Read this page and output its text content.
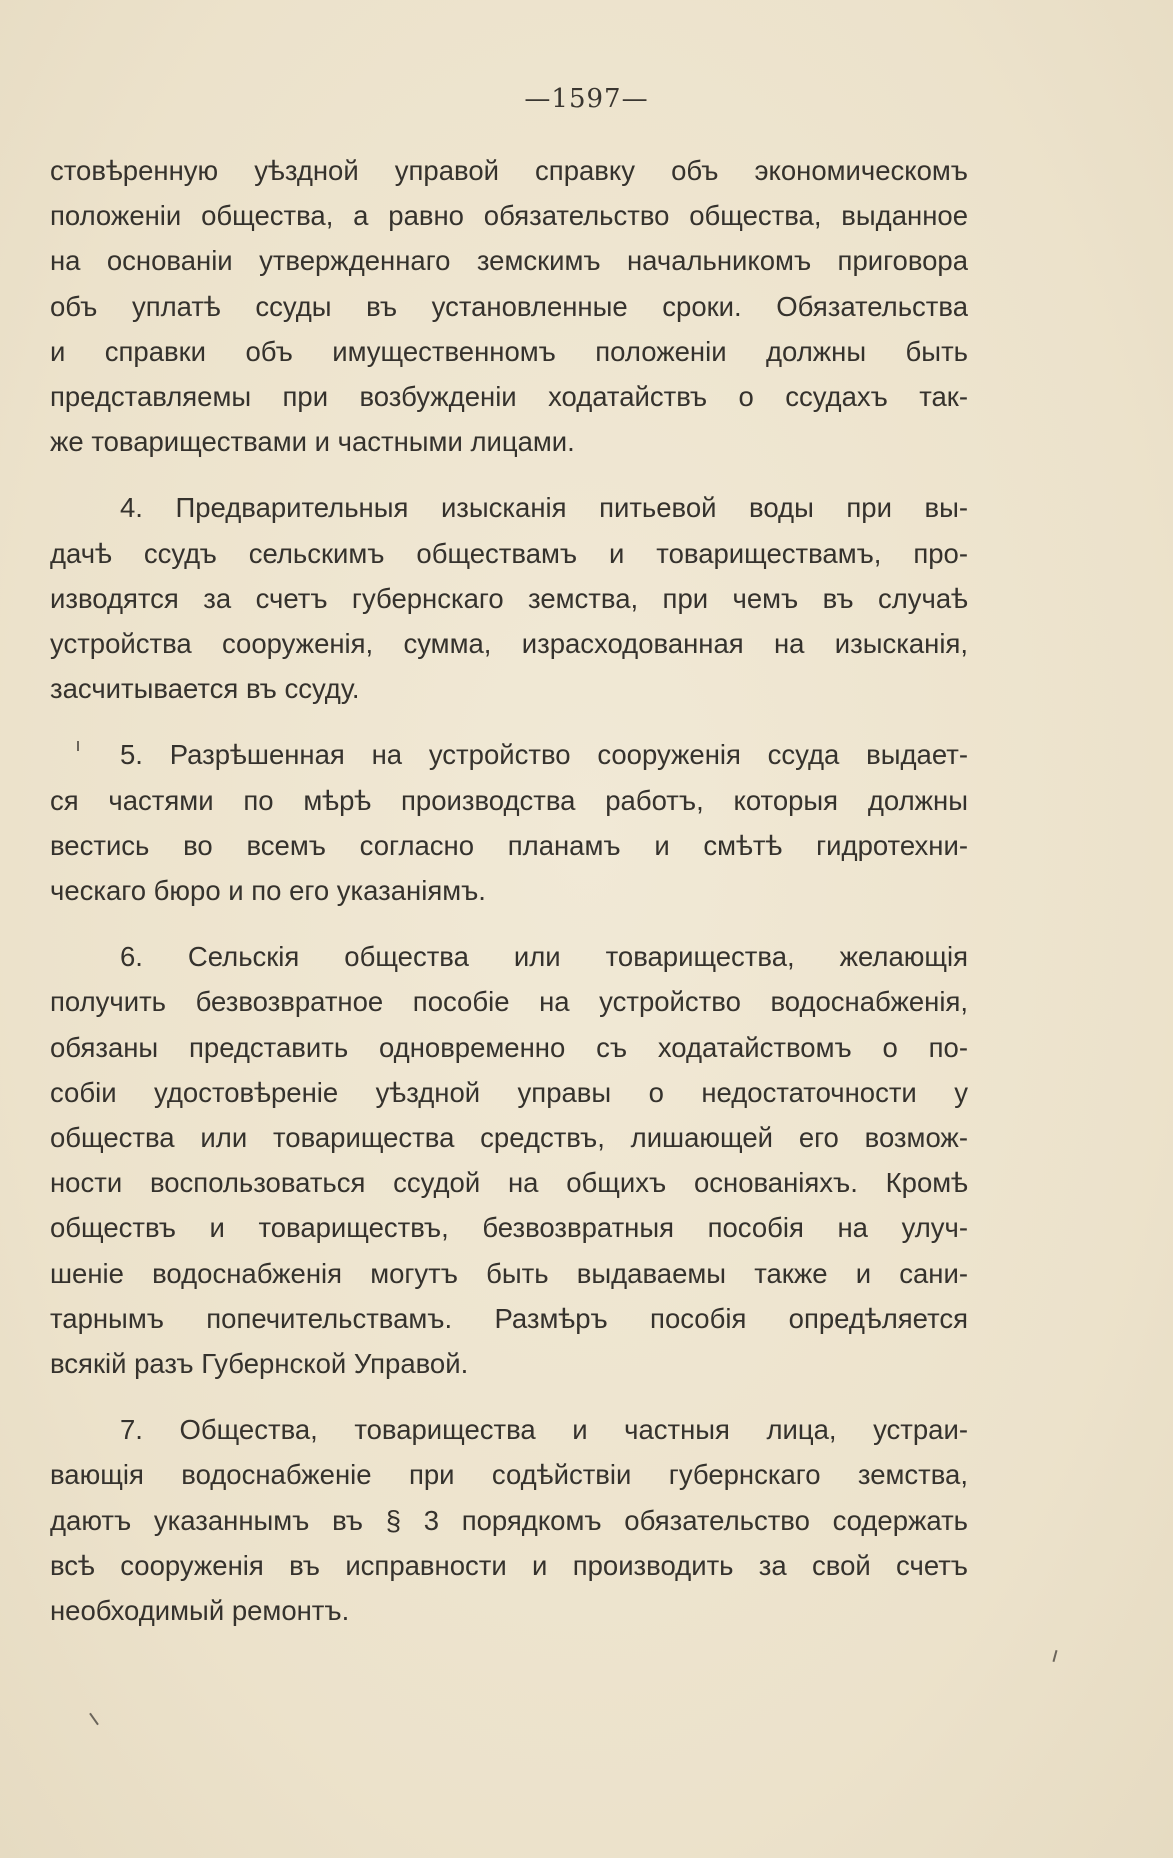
—1597—
стовѣренную уѣздной управой справку объ экономическомъ
положенiи общества, а равно обязательство общества, выданное
на основанiи утвержденнаго земскимъ начальникомъ приговора
объ уплатѣ ссуды въ установленные сроки. Обязательства
и справки объ имущественномъ положенiи должны быть
представляемы при возбужденiи ходатайствъ о ссудахъ так-
же товариществами и частными лицами.
4. Предварительныя изысканiя питьевой воды при вы-
дачѣ ссудъ сельскимъ обществамъ и товариществамъ, про-
изводятся за счетъ губернскаго земства, при чемъ въ случаѣ
устройства сооруженiя, сумма, израсходованная на изысканiя,
засчитывается въ ссуду.
5. Разрѣшенная на устройство сооруженiя ссуда выдает-
ся частями по мѣрѣ производства работъ, которыя должны
вестись во всемъ согласно планамъ и смѣтѣ гидротехни-
ческаго бюро и по его указанiямъ.
6. Сельскiя общества или товарищества, желающiя
получить безвозвратное пособiе на устройство водоснабженiя,
обязаны представить одновременно съ ходатайствомъ о по-
собiи удостовѣренiе уѣздной управы о недостаточности у
общества или товарищества средствъ, лишающей его возмож-
ности воспользоваться ссудой на общихъ основанiяхъ. Кромѣ
обществъ и товариществъ, безвозвратныя пособiя на улуч-
шенiе водоснабженiя могутъ быть выдаваемы также и сани-
тарнымъ попечительствамъ. Размѣръ пособiя опредѣляется
всякiй разъ Губернской Управой.
7. Общества, товарищества и частныя лица, устраи-
вающiя водоснабженiе при содѣйствiи губернскаго земства,
даютъ указаннымъ въ § 3 порядкомъ обязательство содержать
всѣ сооруженiя въ исправности и производить за свой счетъ
необходимый ремонтъ.
